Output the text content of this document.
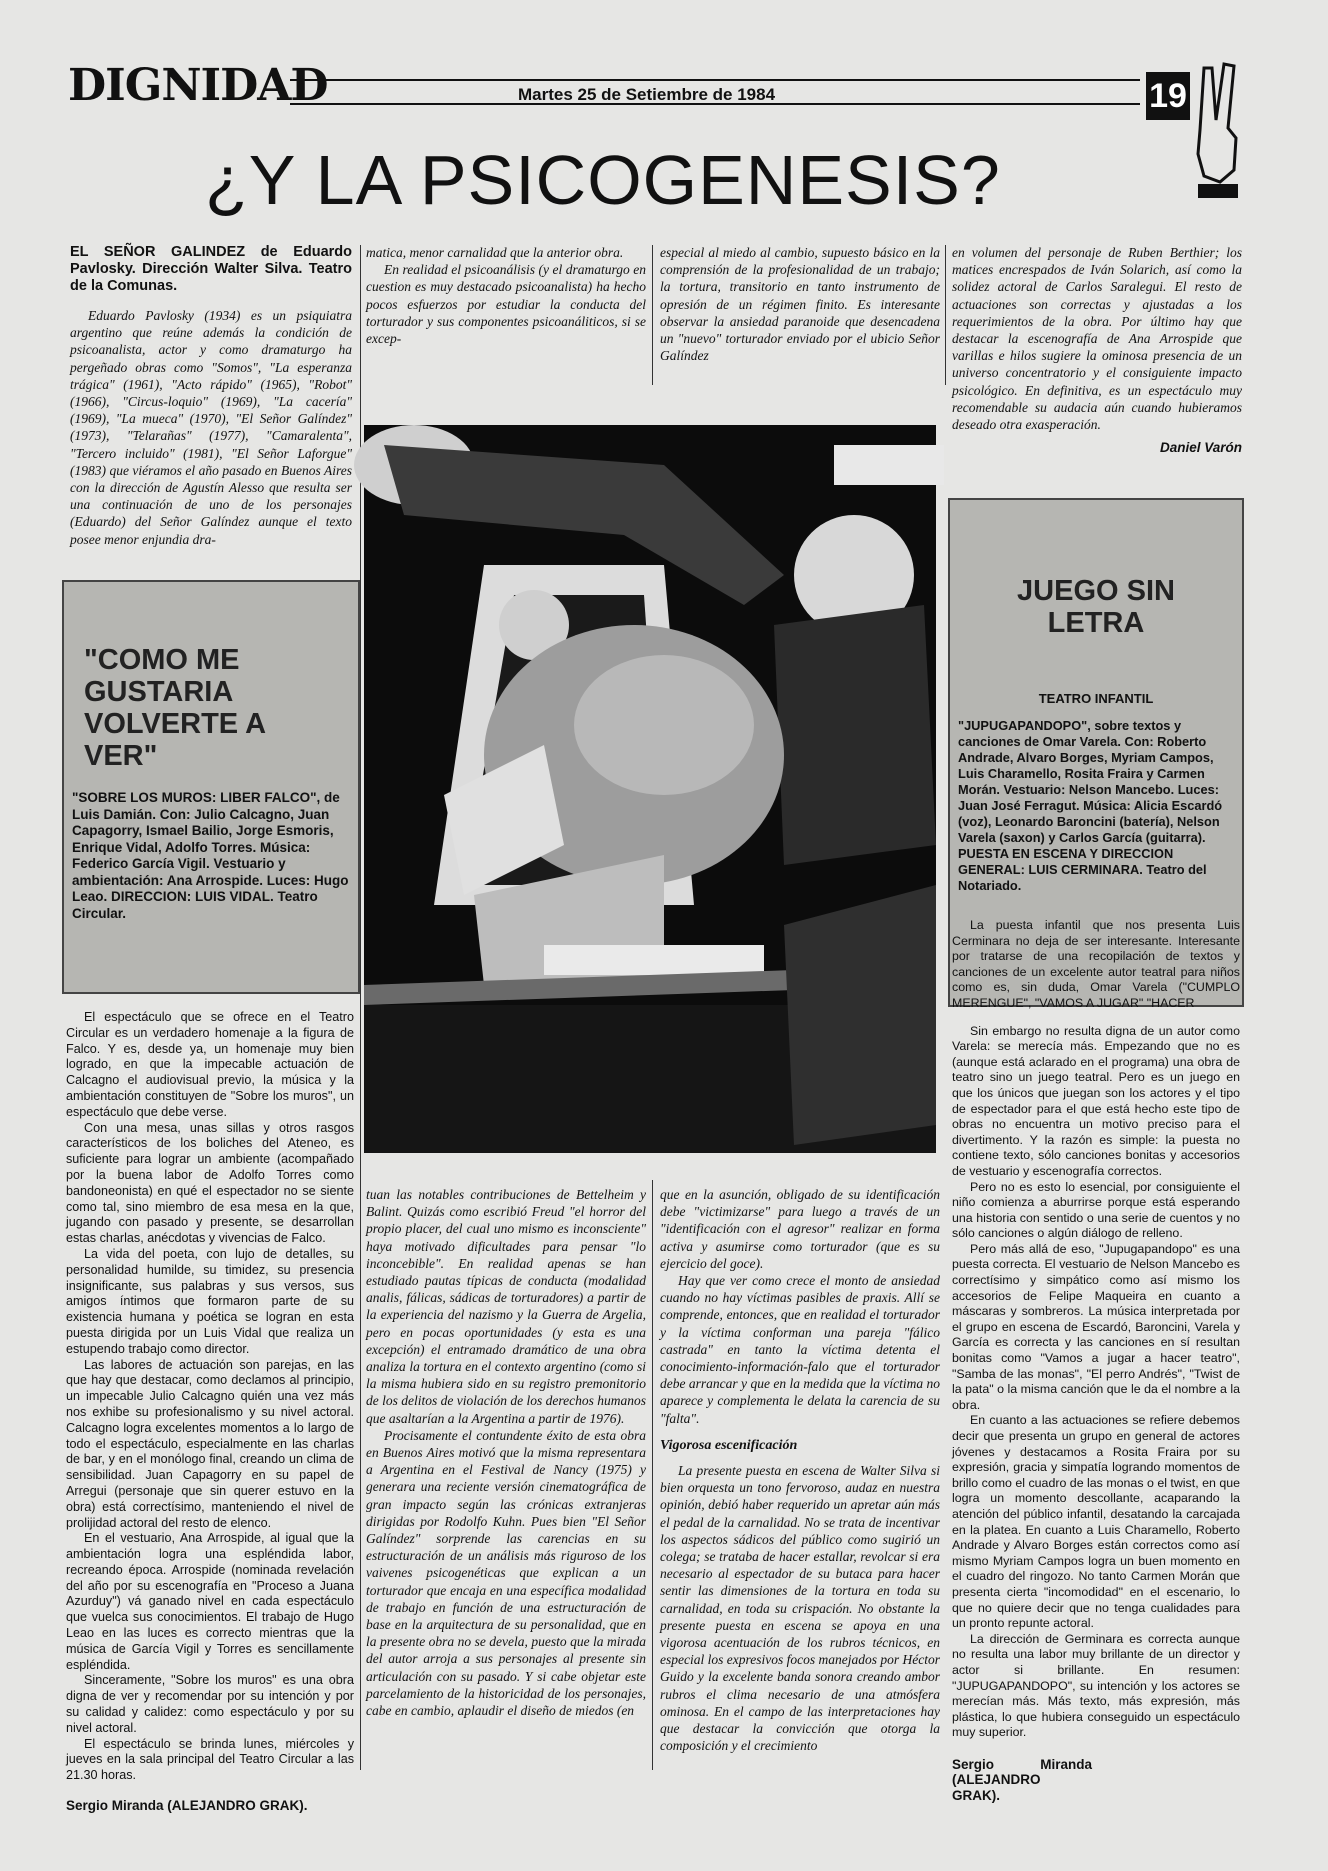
DIGNIDAD	Martes 25 de Setiembre de 1984	19
¿Y LA PSICOGENESIS?
EL SEÑOR GALINDEZ de Eduardo Pavlosky. Dirección Walter Silva. Teatro de la Comunas.

Eduardo Pavlosky (1934) es un psiquiatra argentino que reúne además la condición de psicoanalista, actor y como dramaturgo ha pergeñado obras como "Somos", "La esperanza trágica" (1961), "Acto rápido" (1965), "Robot" (1966), "Circus-loquio" (1969), "La cacería" (1969), "La mueca" (1970), "El Señor Galíndez" (1973), "Telarañas" (1977), "Camaralenta", "Tercero incluido" (1981), "El Señor Laforgue" (1983) que viéramos el año pasado en Buenos Aires con la dirección de Agustín Alesso que resulta ser una continuación de uno de los personajes (Eduardo) del Señor Galíndez aunque el texto posee menor enjundia dra-

matica, menor carnalidad que la anterior obra.

En realidad el psicoanálisis (y el dramaturgo en cuestion es muy destacado psicoanalista) ha hecho pocos esfuerzos por estudiar la conducta del torturador y sus componentes psicoanáliticos, si se excep-

especial al miedo al cambio, supuesto básico en la comprensión de la profesionalidad de un trabajo; la tortura, transitorio en tanto instrumento de opresión de un régimen finito. Es interesante observar la ansiedad paranoide que desencadena un "nuevo" torturador enviado por el ubicio Señor Galíndez

en volumen del personaje de Ruben Berthier; los matices encrespados de Iván Solarich, así como la solidez actoral de Carlos Saralegui. El resto de actuaciones son correctas y ajustadas a los requerimientos de la obra. Por último hay que destacar la escenografía de Ana Arrospide que varillas e hilos sugiere la ominosa presencia de un universo concentratorio y el consiguiente impacto psicológico. En definitiva, es un espectáculo muy recomendable su audacia aún cuando hubieramos deseado otra exasperación.

Daniel Varón
"COMO ME GUSTARIA VOLVERTE A VER"
"SOBRE LOS MUROS: LIBER FALCO", de Luis Damián. Con: Julio Calcagno, Juan Capagorry, Ismael Bailio, Jorge Esmoris, Enrique Vidal, Adolfo Torres. Música: Federico García Vigil. Vestuario y ambientación: Ana Arrospide. Luces: Hugo Leao. DIRECCION: LUIS VIDAL. Teatro Circular.

El espectáculo que se ofrece en el Teatro Circular es un verdadero homenaje a la figura de Falco. Y es, desde ya, un homenaje muy bien logrado, en que la impecable actuación de Calcagno el audiovisual previo, la música y la ambientación constituyen de "Sobre los muros", un espectáculo que debe verse.

Con una mesa, unas sillas y otros rasgos característicos de los boliches del Ateneo, es suficiente para lograr un ambiente (acompañado por la buena labor de Adolfo Torres como bandoneonista) en qué el espectador no se siente como tal, sino miembro de esa mesa en la que, jugando con pasado y presente, se desarrollan estas charlas, anécdotas y vivencias de Falco.

La vida del poeta, con lujo de detalles, su personalidad humilde, su timidez, su presencia insignificante, sus palabras y sus versos, sus amigos íntimos que formaron parte de su existencia humana y poética se logran en esta puesta dirigida por un Luis Vidal que realiza un estupendo trabajo como director.

Las labores de actuación son parejas, en las que hay que destacar, como declamos al principio, un impecable Julio Calcagno quién una vez más nos exhibe su profesionalismo y su nivel actoral. Calcagno logra excelentes momentos a lo largo de todo el espectáculo, especialmente en las charlas de bar, y en el monólogo final, creando un clima de sensibilidad. Juan Capagorry en su papel de Arregui (personaje que sin querer estuvo en la obra) está correctísimo, manteniendo el nivel de prolijidad actoral del resto de elenco.

En el vestuario, Ana Arrospide, al igual que la ambientación logra una espléndida labor, recreando época. Arrospide (nominada revelación del año por su escenografía en "Proceso a Juana Azurduy") vá ganado nivel en cada espectáculo que vuelca sus conocimientos. El trabajo de Hugo Leao en las luces es correcto mientras que la música de García Vigil y Torres es sencillamente espléndida.

Sinceramente, "Sobre los muros" es una obra digna de ver y recomendar por su intención y por su calidad y calidez: como espectáculo y por su nivel actoral.

El espectáculo se brinda lunes, miércoles y jueves en la sala principal del Teatro Circular a las 21.30 horas.

Sergio Miranda (ALEJANDRO GRAK).

tuan las notables contribuciones de Bettelheim y Balint. Quizás como escribió Freud "el horror del propio placer, del cual uno mismo es inconsciente" haya motivado dificultades para pensar "lo inconcebible". En realidad apenas se han estudiado pautas típicas de conducta (modalidad analis, fálicas, sádicas de torturadores) a partir de la experiencia del nazismo y la Guerra de Argelia, pero en pocas oportunidades (y esta es una excepción) el entramado dramático de una obra analiza la tortura en el contexto argentino (como si la misma hubiera sido en su registro premonitorio de los delitos de violación de los derechos humanos que asaltarían a la Argentina a partir de 1976).

Procisamente el contundente éxito de esta obra en Buenos Aires motivó que la misma representara a Argentina en el Festival de Nancy (1975) y generara una reciente versión cinematográfica de gran impacto según las crónicas extranjeras dirigidas por Rodolfo Kuhn. Pues bien "El Señor Galíndez" sorprende las carencias en su estructuración de un análisis más riguroso de los vaivenes psicogenéticas que explican a un torturador que encaja en una específica modalidad de trabajo en función de una estructuración de base en la arquitectura de su personalidad, que en la presente obra no se devela, puesto que la mirada del autor arroja a sus personajes al presente sin articulación con su pasado. Y si cabe objetar este parcelamiento de la historicidad de los personajes, cabe en cambio, aplaudir el diseño de miedos (en

que en la asunción, obligado de su identificación debe "victimizarse" para luego a través de un "identificación con el agresor" realizar en forma activa y asumirse como torturador (que es su ejercicio del goce).

Hay que ver como crece el monto de ansiedad cuando no hay víctimas pasibles de praxis. Allí se comprende, entonces, que en realidad el torturador y la víctima conforman una pareja "fálico castrada" en tanto la víctima detenta el conocimiento-información-falo que el torturador debe arrancar y que en la medida que la víctima no aparece y complementa le delata la carencia de su "falta".

Vigorosa escenificación

La presente puesta en escena de Walter Silva si bien orquesta un tono fervoroso, audaz en nuestra opinión, debió haber requerido un apretar aún más el pedal de la carnalidad. No se trata de incentivar los aspectos sádicos del público como sugirió un colega; se trataba de hacer estallar, revolcar si era necesario al espectador de su butaca para hacer sentir las dimensiones de la tortura en toda su carnalidad, en toda su crispación. No obstante la presente puesta en escena se apoya en una vigorosa acentuación de los rubros técnicos, en especial los expresivos focos manejados por Héctor Guido y la excelente banda sonora creando ambor rubros el clima necesario de una atmósfera ominosa. En el campo de las interpretaciones hay que destacar la convicción que otorga la composición y el crecimiento

JUEGO SIN LETRA
TEATRO INFANTIL
"JUPUGAPANDOPO", sobre textos y canciones de Omar Varela. Con: Roberto Andrade, Alvaro Borges, Myriam Campos, Luis Charamello, Rosita Fraira y Carmen Morán. Vestuario: Nelson Mancebo. Luces: Juan José Ferragut. Música: Alicia Escardó (voz), Leonardo Baroncini (batería), Nelson Varela (saxon) y Carlos García (guitarra). PUESTA EN ESCENA Y DIRECCION GENERAL: LUIS CERMINARA. Teatro del Notariado.

La puesta infantil que nos presenta Luis Cerminara no deja de ser interesante. Interesante por tratarse de una recopilación de textos y canciones de un excelente autor teatral para niños como es, sin duda, Omar Varela ("CUMPLO MERENGUE", "VAMOS A JUGAR" "HACER

Sin embargo no resulta digna de un autor como Varela: se merecía más. Empezando que no es (aunque está aclarado en el programa) una obra de teatro sino un juego teatral. Pero es un juego en que los únicos que juegan son los actores y el tipo de espectador para el que está hecho este tipo de obras no encuentra un motivo preciso para el divertimento. Y la razón es simple: la puesta no contiene texto, sólo canciones bonitas y accesorios de vestuario y escenografía correctos.

Pero no es esto lo esencial, por consiguiente el niño comienza a aburrirse porque está esperando una historia con sentido o una serie de cuentos y no sólo canciones o algún diálogo de relleno.

Pero más allá de eso, "Jupugapandopo" es una puesta correcta. El vestuario de Nelson Mancebo es correctísimo y simpático como así mismo los accesorios de Felipe Maqueira en cuanto a máscaras y sombreros. La música interpretada por el grupo en escena de Escardó, Baroncini, Varela y García es correcta y las canciones en sí resultan bonitas como "Vamos a jugar a hacer teatro", "Samba de las monas", "El perro Andrés", "Twist de la pata" o la misma canción que le da el nombre a la obra.

En cuanto a las actuaciones se refiere debemos decir que presenta un grupo en general de actores jóvenes y destacamos a Rosita Fraira por su expresión, gracia y simpatía logrando momentos de brillo como el cuadro de las monas o el twist, en que logra un momento descollante, acaparando la atención del público infantil, desatando la carcajada en la platea. En cuanto a Luis Charamello, Roberto Andrade y Alvaro Borges están correctos como así mismo Myriam Campos logra un buen momento en el cuadro del ringozo. No tanto Carmen Morán que presenta cierta "incomodidad" en el escenario, lo que no quiere decir que no tenga cualidades para un pronto repunte actoral.

La dirección de Germinara es correcta aunque no resulta una labor muy brillante de un director y actor si brillante. En resumen: "JUPUGAPANDOPO", su intención y los actores se merecían más. Más texto, más expresión, más plástica, lo que hubiera conseguido un espectáculo muy superior.

Sergio Miranda (ALEJANDRO GRAK).
